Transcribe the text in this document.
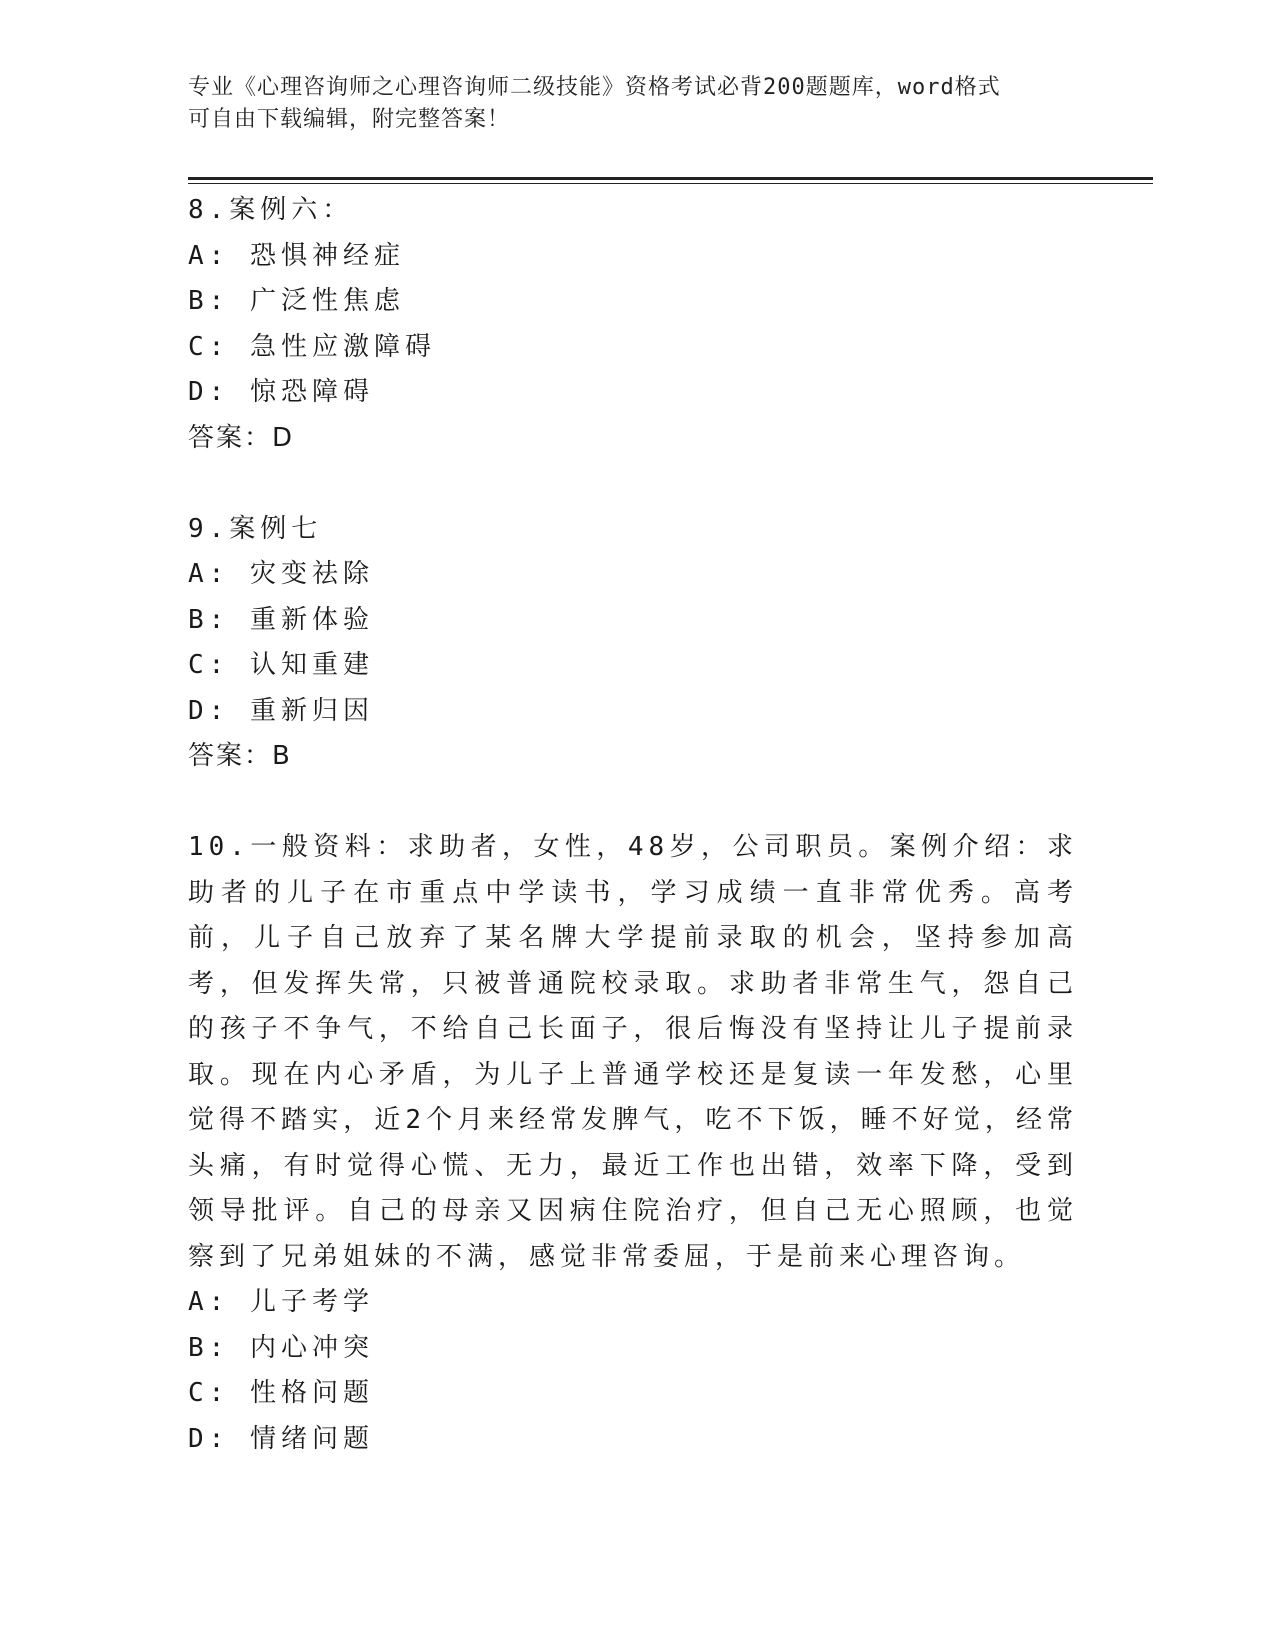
专业《心理咨询师之心理咨询师二级技能》资格考试必背200题题库，word格式
可自由下载编辑，附完整答案！
8.案例六：
A: 恐惧神经症
B: 广泛性焦虑
C: 急性应激障碍
D: 惊恐障碍
答案：D
9.案例七
A: 灾变祛除
B: 重新体验
C: 认知重建
D: 重新归因
答案：B
10.一般资料：求助者，女性，48岁，公司职员。案例介绍：求助者的儿子在市重点中学读书，学习成绩一直非常优秀。高考前，儿子自己放弃了某名牌大学提前录取的机会，坚持参加高考，但发挥失常，只被普通院校录取。求助者非常生气，怨自己的孩子不争气，不给自己长面子，很后悔没有坚持让儿子提前录取。现在内心矛盾，为儿子上普通学校还是复读一年发愁，心里觉得不踏实，近2个月来经常发脾气，吃不下饭，睡不好觉，经常头痛，有时觉得心慌、无力，最近工作也出错，效率下降，受到领导批评。自己的母亲又因病住院治疗，但自己无心照顾，也觉察到了兄弟姐妹的不满，感觉非常委屈，于是前来心理咨询。
A: 儿子考学
B: 内心冲突
C: 性格问题
D: 情绪问题
